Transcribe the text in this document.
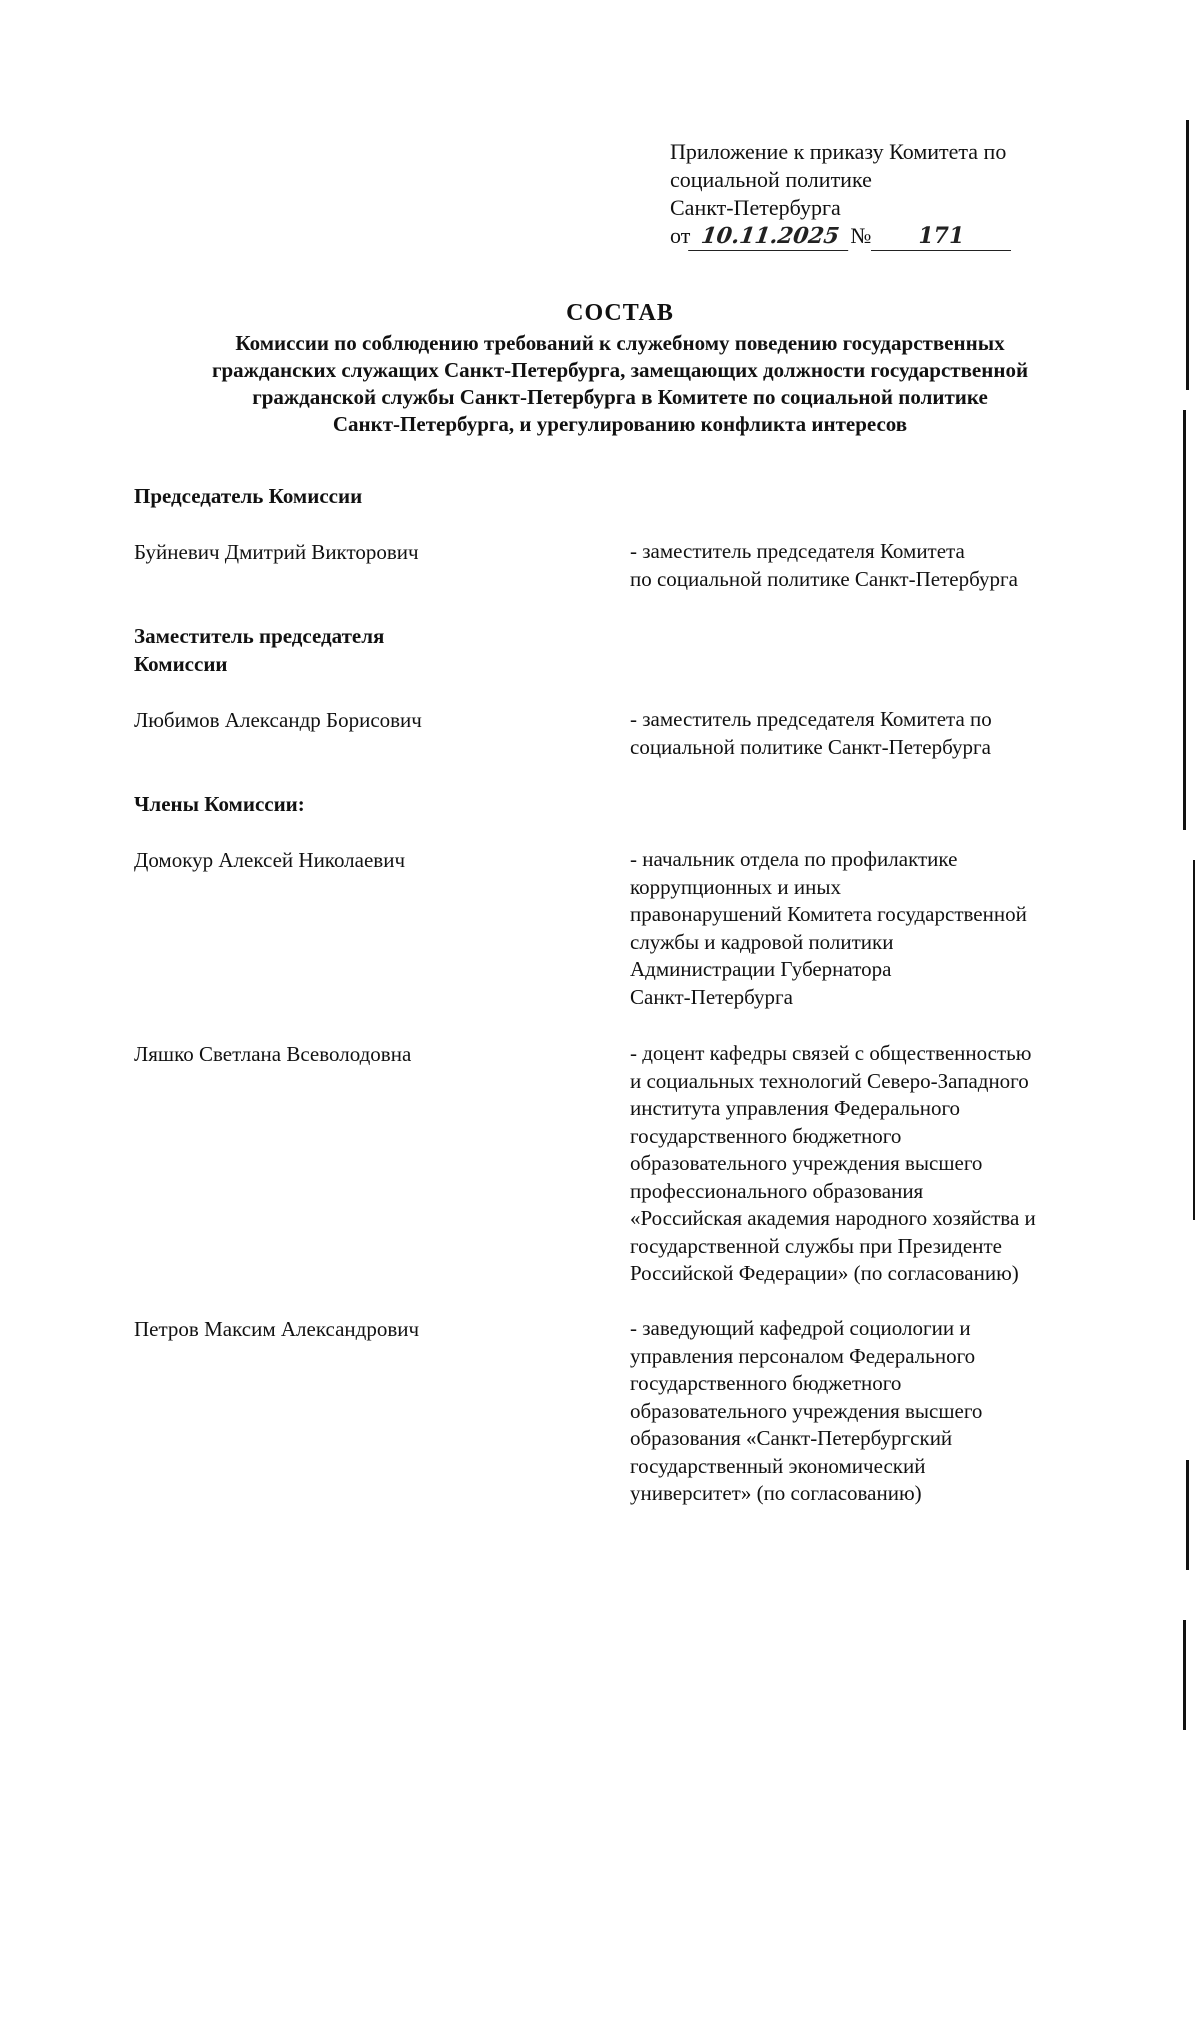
Приложение к приказу Комитета по
социальной политике
Санкт-Петербурга
от 10.11.2025 № 171
СОСТАВ
Комиссии по соблюдению требований к служебному поведению государственных
гражданских служащих Санкт-Петербурга, замещающих должности государственной
гражданской службы Санкт-Петербурга в Комитете по социальной политике
Санкт-Петербурга, и урегулированию конфликта интересов
Председатель Комиссии
Буйневич Дмитрий Викторович	- заместитель председателя Комитета
по социальной политике Санкт-Петербурга
Заместитель председателя
Комиссии
Любимов Александр Борисович	- заместитель председателя Комитета по
социальной политике Санкт-Петербурга
Члены Комиссии:
Домокур Алексей Николаевич	- начальник отдела по профилактике
коррупционных и иных
правонарушений Комитета государственной
службы и кадровой политики
Администрации Губернатора
Санкт-Петербурга
Ляшко Светлана Всеволодовна	- доцент кафедры связей с общественностью
и социальных технологий Северо-Западного
института управления Федерального
государственного бюджетного
образовательного учреждения высшего
профессионального образования
«Российская академия народного хозяйства и
государственной службы при Президенте
Российской Федерации» (по согласованию)
Петров Максим Александрович	- заведующий кафедрой социологии и
управления персоналом Федерального
государственного бюджетного
образовательного учреждения высшего
образования «Санкт-Петербургский
государственный экономический
университет» (по согласованию)
